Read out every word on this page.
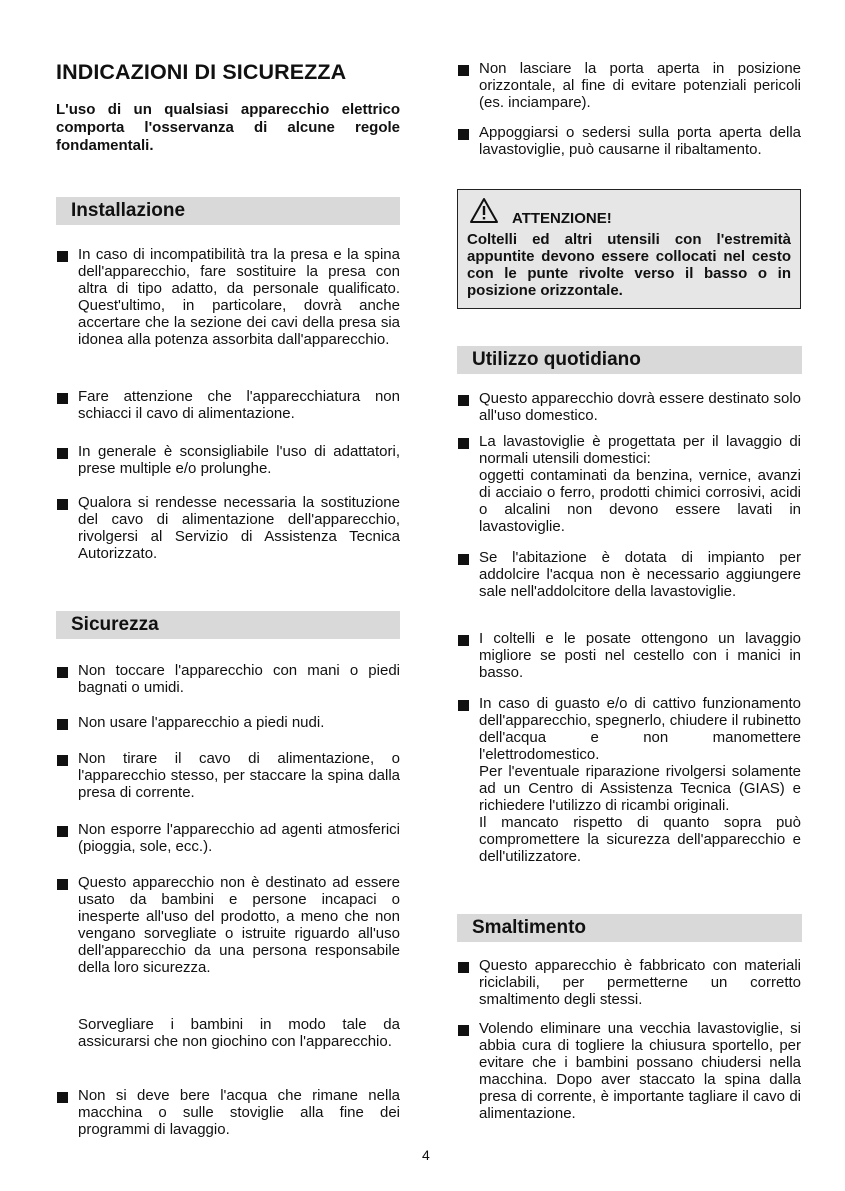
INDICAZIONI DI SICUREZZA

L'uso di un qualsiasi apparecchio elettrico comporta l'osservanza di alcune regole fondamentali.

Installazione
In caso di incompatibilità tra la presa e la spina dell'apparecchio, fare sostituire la presa con altra di tipo adatto, da personale qualificato. Quest'ultimo, in particolare, dovrà anche accertare che la sezione dei cavi della presa sia idonea alla potenza assorbita dall'apparecchio.
Fare attenzione che l'apparecchiatura non schiacci il cavo di alimentazione.
In generale è sconsigliabile l'uso di adattatori, prese multiple e/o prolunghe.
Qualora si rendesse necessaria la sostituzione del cavo di alimentazione dell'apparecchio, rivolgersi al Servizio di Assistenza Tecnica Autorizzato.
Sicurezza
Non toccare l'apparecchio con mani o piedi bagnati o umidi.
Non usare l'apparecchio a piedi nudi.
Non tirare il cavo di alimentazione, o l'apparecchio stesso, per staccare la spina dalla presa di corrente.
Non esporre l'apparecchio ad agenti atmosferici (pioggia, sole, ecc.).
Questo apparecchio non è destinato ad essere usato da bambini e persone incapaci o inesperte all'uso del prodotto, a meno che non vengano sorvegliate o istruite riguardo all'uso dell'apparecchio da una persona responsabile della loro sicurezza.
Sorvegliare i bambini in modo tale da assicurarsi che non giochino con l'apparecchio.
Non si deve bere l'acqua che rimane nella macchina o sulle stoviglie alla fine dei programmi di lavaggio.
Non lasciare la porta aperta in posizione orizzontale, al fine di evitare potenziali pericoli (es. inciampare).
Appoggiarsi o sedersi sulla porta aperta della lavastoviglie, può causarne il ribaltamento.
ATTENZIONE!

Coltelli ed altri utensili con l'estremità appuntite devono essere collocati nel cesto con le punte rivolte verso il basso o in posizione orizzontale.

Utilizzo quotidiano
Questo apparecchio dovrà essere destinato solo all'uso domestico.
La lavastoviglie è progettata per il lavaggio di normali utensili domestici:
oggetti contaminati da benzina, vernice, avanzi di acciaio o ferro, prodotti chimici corrosivi, acidi o alcalini non devono essere lavati in lavastoviglie.
Se l'abitazione è dotata di impianto per addolcire l'acqua non è necessario aggiungere sale nell'addolcitore della lavastoviglie.
I coltelli e le posate ottengono un lavaggio migliore se posti nel cestello con i manici in basso.
In caso di guasto e/o di cattivo funzionamento dell'apparecchio, spegnerlo, chiudere il rubinetto dell'acqua e non manomettere l'elettrodomestico.
Per l'eventuale riparazione rivolgersi solamente ad un Centro di Assistenza Tecnica (GIAS) e richiedere l'utilizzo di ricambi originali.
Il mancato rispetto di quanto sopra può compromettere la sicurezza dell'apparecchio e dell'utilizzatore.
Smaltimento
Questo apparecchio è fabbricato con materiali riciclabili, per permetterne un corretto smaltimento degli stessi.
Volendo eliminare una vecchia lavastoviglie, si abbia cura di togliere la chiusura sportello, per evitare che i bambini possano chiudersi nella macchina. Dopo aver staccato la spina dalla presa di corrente, è importante tagliare il cavo di alimentazione.
4
